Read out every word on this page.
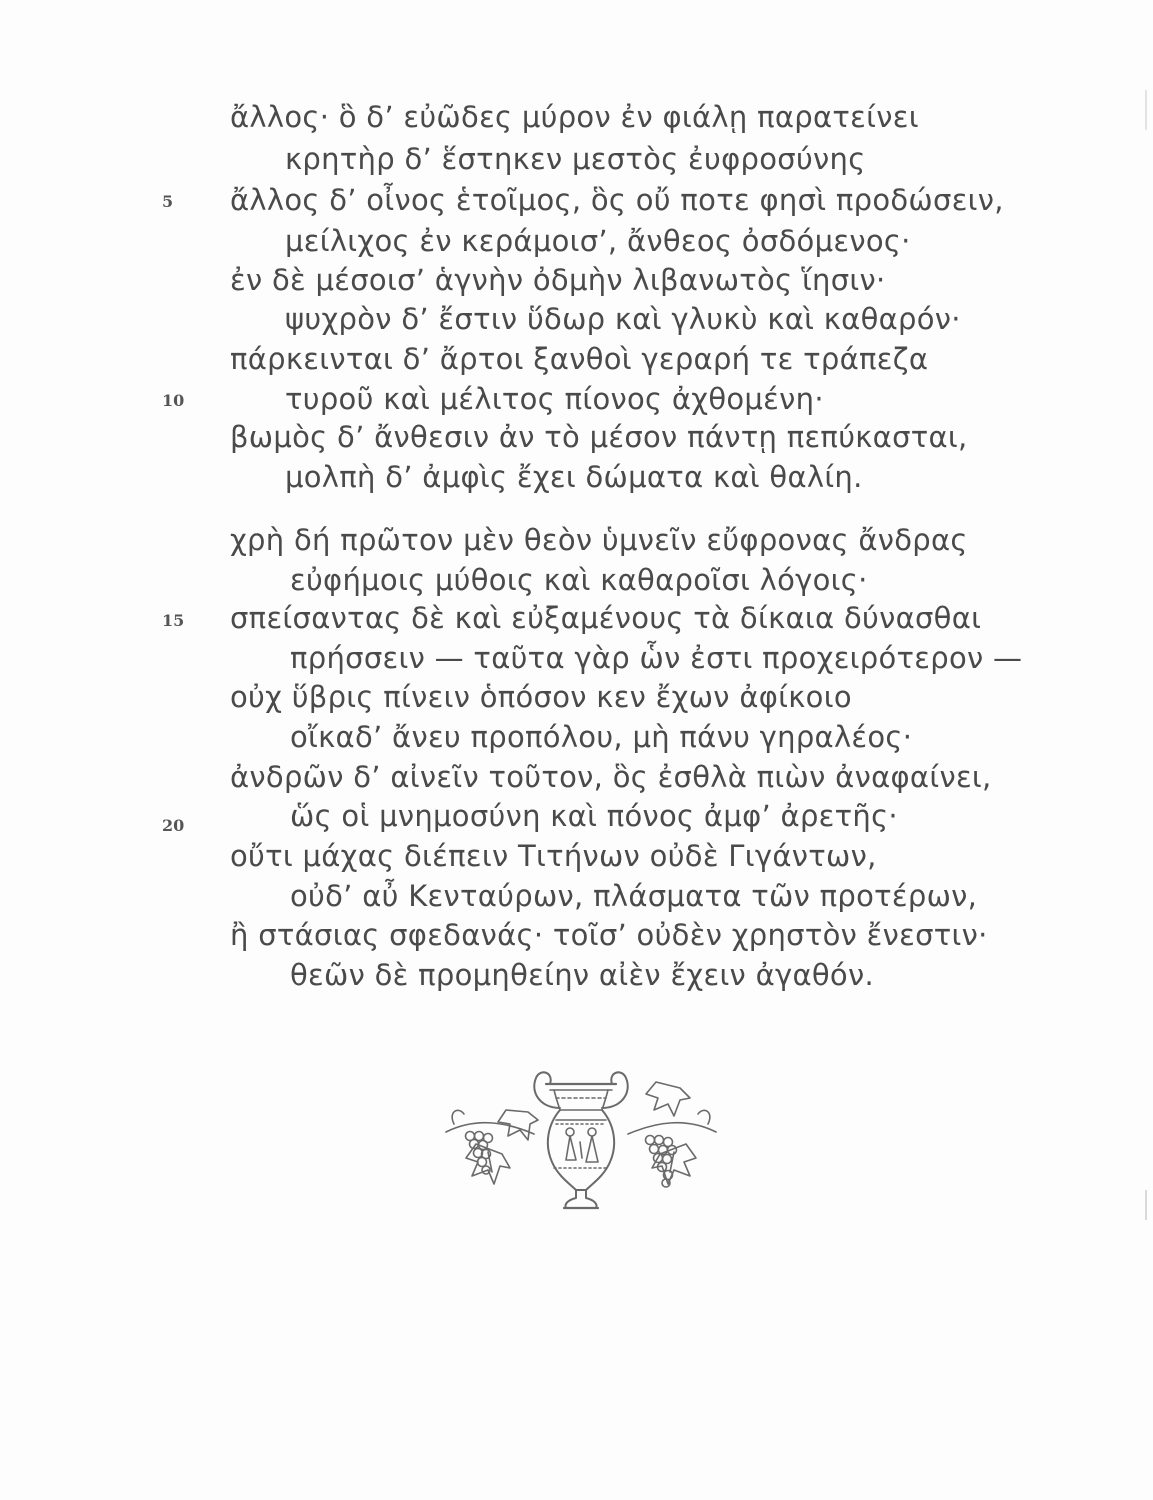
ἄλλος· ὃ δ’ εὐῶδες μύρον ἐν φιάλῃ παρατείνει
κρητὴρ δ’ ἕστηκεν μεστὸς ἐυφροσύνης
5 ἄλλος δ’ οἶνος ἑτοῖμος, ὃς οὔ ποτε φησὶ προδώσειν,
μείλιχος ἐν κεράμοισ’, ἄνθεος ὀσδόμενος·
ἐν δὲ μέσοισ’ ἁγνὴν ὀδμὴν λιβανωτὸς ἵησιν·
ψυχρὸν δ’ ἔστιν ὕδωρ καὶ γλυκὺ καὶ καθαρόν·
πάρκεινται δ’ ἄρτοι ξανθοὶ γεραρή τε τράπεζα
10	τυροῦ καὶ μέλιτος πίονος ἀχθομένη·
βωμὸς δ’ ἄνθεσιν ἀν τὸ μέσον πάντῃ πεπύκασται,
μολπὴ δ’ ἀμφὶς ἔχει δώματα καὶ θαλίη.
χρὴ δή πρῶτον μὲν θεὸν ὑμνεῖν εὔφρονας ἄνδρας
εὐφήμοις μύθοις καὶ καθαροῖσι λόγοις·
15 σπείσαντας δὲ καὶ εὐξαμένους τὰ δίκαια δύνασθαι
πρήσσειν — ταῦτα γὰρ ὧν ἐστι προχειρότερον —
οὐχ ὕβρις πίνειν ὁπόσον κεν ἔχων ἀφίκοιο
οἴκαδ’ ἄνευ προπόλου, μὴ πάνυ γηραλέος·
ἀνδρῶν δ’ αἰνεῖν τοῦτον, ὃς ἐσθλὰ πιὼν ἀναφαίνει,
20	ὥς οἱ μνημοσύνη καὶ πόνος ἀμφ’ ἀρετῆς·
οὔτι μάχας διέπειν Τιτήνων οὐδὲ Γιγάντων,
οὐδ’ αὖ Κενταύρων, πλάσματα τῶν προτέρων,
ἢ στάσιας σφεδανάς· τοῖσ’ οὐδὲν χρηστὸν ἔνεστιν·
θεῶν δὲ προμηθείην αἰὲν ἔχειν ἀγαθόν.
